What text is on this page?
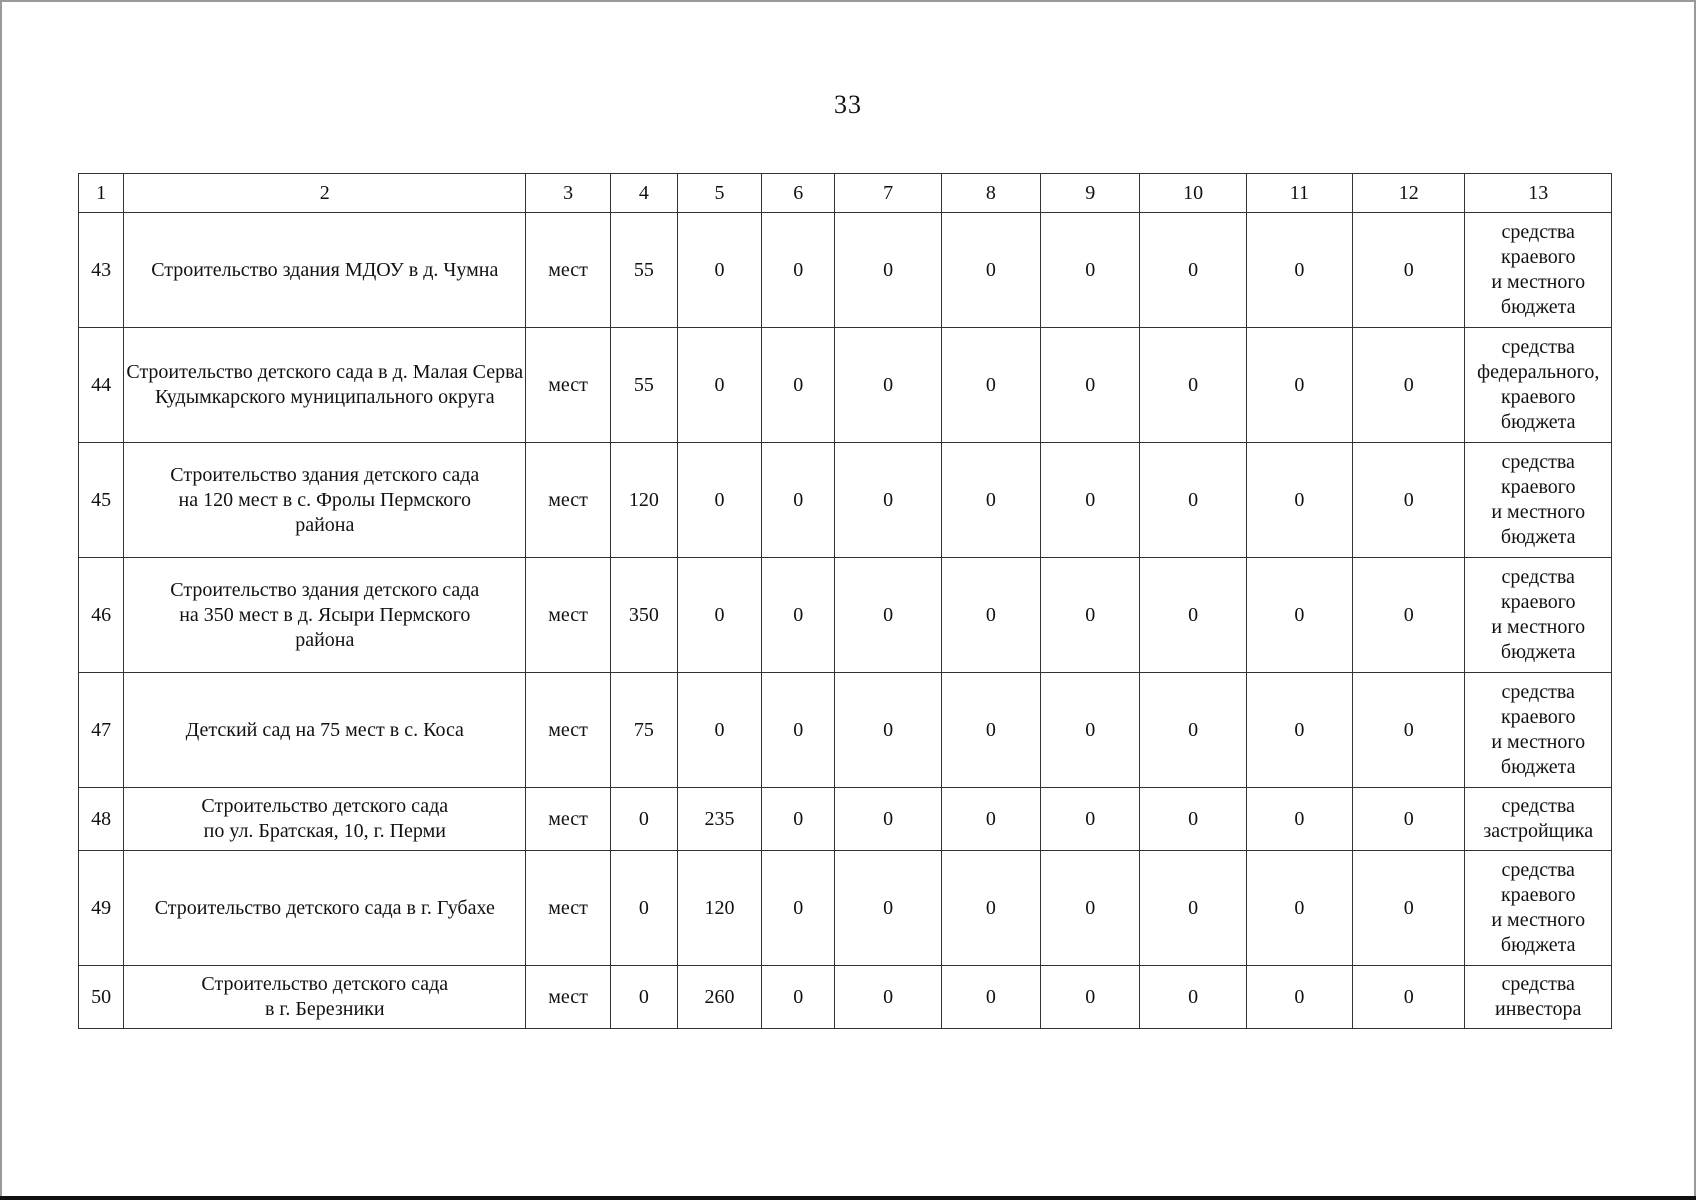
33
1	2	3	4	5	6	7	8	9	10	11	12	13
43	Строительство здания МДОУ в д. Чумна	мест	55	0	0	0	0	0	0	0	0	средства
краевого
и местного
бюджета
44	Строительство детского сада в д. Малая Серва Кудымкарского муниципального округа	мест	55	0	0	0	0	0	0	0	0	средства
федерального,
краевого
бюджета
45	Строительство здания детского сада
на 120 мест в с. Фролы Пермского
района	мест	120	0	0	0	0	0	0	0	0	средства
краевого
и местного
бюджета
46	Строительство здания детского сада
на 350 мест в д. Ясыри Пермского
района	мест	350	0	0	0	0	0	0	0	0	средства
краевого
и местного
бюджета
47	Детский сад на 75 мест в с. Коса	мест	75	0	0	0	0	0	0	0	0	средства
краевого
и местного
бюджета
48	Строительство детского сада
по ул. Братская, 10, г. Перми	мест	0	235	0	0	0	0	0	0	0	средства
застройщика
49	Строительство детского сада в г. Губахе	мест	0	120	0	0	0	0	0	0	0	средства
краевого
и местного
бюджета
50	Строительство детского сада
в г. Березники	мест	0	260	0	0	0	0	0	0	0	средства
инвестора
